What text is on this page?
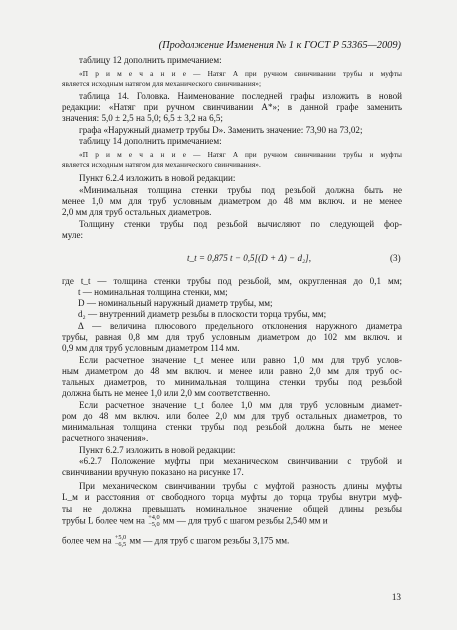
(Продолжение Изменения № 1 к ГОСТ Р 53365—2009)
таблицу 12 дополнить примечанием:
«П р и м е ч а н и е — Натяг A при ручном свинчивании трубы и муфты
является исходным натягом для механического свинчивания»;
таблица 14. Головка. Наименование последней графы изложить в новой
редакции: «Натяг при ручном свинчивании A*»; в данной графе заменить
значения: 5,0 ± 2,5 на 5,0; 6,5 ± 3,2 на 6,5;
графа «Наружный диаметр трубы D». Заменить значение: 73,90 на 73,02;
таблицу 14 дополнить примечанием:
«П р и м е ч а н и е — Натяг A при ручном свинчивании трубы и муфты
является исходным натягом для механического свинчивания».
Пункт 6.2.4 изложить в новой редакции:
«Минимальная толщина стенки трубы под резьбой должна быть не
менее 1,0 мм для труб условным диаметром до 48 мм включ. и не менее
2,0 мм для труб остальных диаметров.
Толщину стенки трубы под резьбой вычисляют по следующей фор-
муле:
t_t = 0,875 t − 0,5[(D + Δ) − d₂],	(3)
где t_t — толщина стенки трубы под резьбой, мм, округленная до 0,1 мм;
t — номинальная толщина стенки, мм;
D — номинальный наружный диаметр трубы, мм;
d₂ — внутренний диаметр резьбы в плоскости торца трубы, мм;
Δ — величина плюсового предельного отклонения наружного диаметра
трубы, равная 0,8 мм для труб условным диаметром до 102 мм включ. и
0,9 мм для труб условным диаметром 114 мм.
Если расчетное значение t_t менее или равно 1,0 мм для труб услов-
ным диаметром до 48 мм включ. и менее или равно 2,0 мм для труб ос-
тальных диаметров, то минимальная толщина стенки трубы под резьбой
должна быть не менее 1,0 или 2,0 мм соответственно.
Если расчетное значение t_t более 1,0 мм для труб условным диамет-
ром до 48 мм включ. или более 2,0 мм для труб остальных диаметров, то
минимальная толщина стенки трубы под резьбой должна быть не менее
расчетного значения».
Пункт 6.2.7 изложить в новой редакции:
«6.2.7 Положение муфты при механическом свинчивании с трубой и
свинчивании вручную показано на рисунке 17.
При механическом свинчивании трубы с муфтой разность длины муфты
L_м и расстояния от свободного торца муфты до торца трубы внутри муф-
ты не должна превышать номинальное значение общей длины резьбы
трубы L более чем на +4,0
−5,0 мм — для труб с шагом резьбы 2,540 мм и
более чем на +5,0
−6,5 мм — для труб с шагом резьбы 3,175 мм.
13
